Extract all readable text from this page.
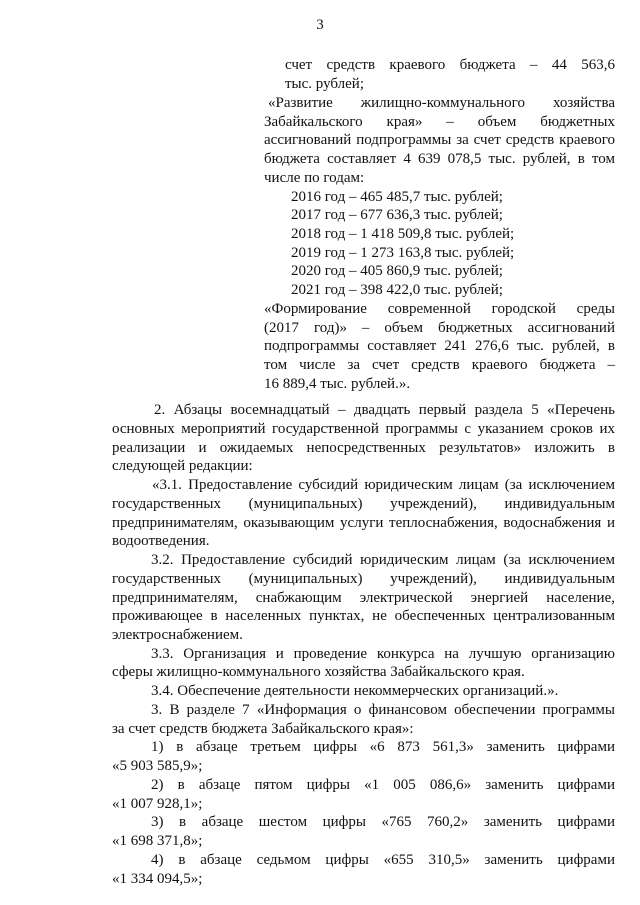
3
счет средств краевого бюджета – 44 563,6
тыс. рублей;
«Развитие жилищно-коммунального хозяйства
Забайкальского края» – объем бюджетных
ассигнований подпрограммы за счет средств краевого
бюджета составляет 4 639 078,5 тыс. рублей, в том
числе по годам:
2016 год – 465 485,7 тыс. рублей;
2017 год – 677 636,3 тыс. рублей;
2018 год – 1 418 509,8 тыс. рублей;
2019 год – 1 273 163,8 тыс. рублей;
2020 год – 405 860,9 тыс. рублей;
2021 год – 398 422,0 тыс. рублей;
«Формирование современной городской среды
(2017 год)» – объем бюджетных ассигнований
подпрограммы составляет 241 276,6 тыс. рублей, в
том числе за счет средств краевого бюджета –
16 889,4 тыс. рублей.».
2. Абзацы восемнадцатый – двадцать первый раздела 5 «Перечень
основных мероприятий государственной программы с указанием сроков их
реализации и ожидаемых непосредственных результатов» изложить в
следующей редакции:
«3.1. Предоставление субсидий юридическим лицам (за исключением
государственных (муниципальных) учреждений), индивидуальным
предпринимателям, оказывающим услуги теплоснабжения, водоснабжения и
водоотведения.
3.2. Предоставление субсидий юридическим лицам (за исключением
государственных (муниципальных) учреждений), индивидуальным
предпринимателям, снабжающим электрической энергией население,
проживающее в населенных пунктах, не обеспеченных централизованным
электроснабжением.
3.3. Организация и проведение конкурса на лучшую организацию
сферы жилищно-коммунального хозяйства Забайкальского края.
3.4. Обеспечение деятельности некоммерческих организаций.».
3. В разделе 7 «Информация о финансовом обеспечении программы
за счет средств бюджета Забайкальского края»:
1) в абзаце третьем цифры «6 873 561,3» заменить цифрами
«5 903 585,9»;
2) в абзаце пятом цифры «1 005 086,6» заменить цифрами
«1 007 928,1»;
3) в абзаце шестом цифры «765 760,2» заменить цифрами
«1 698 371,8»;
4) в абзаце седьмом цифры «655 310,5» заменить цифрами
«1 334 094,5»;
